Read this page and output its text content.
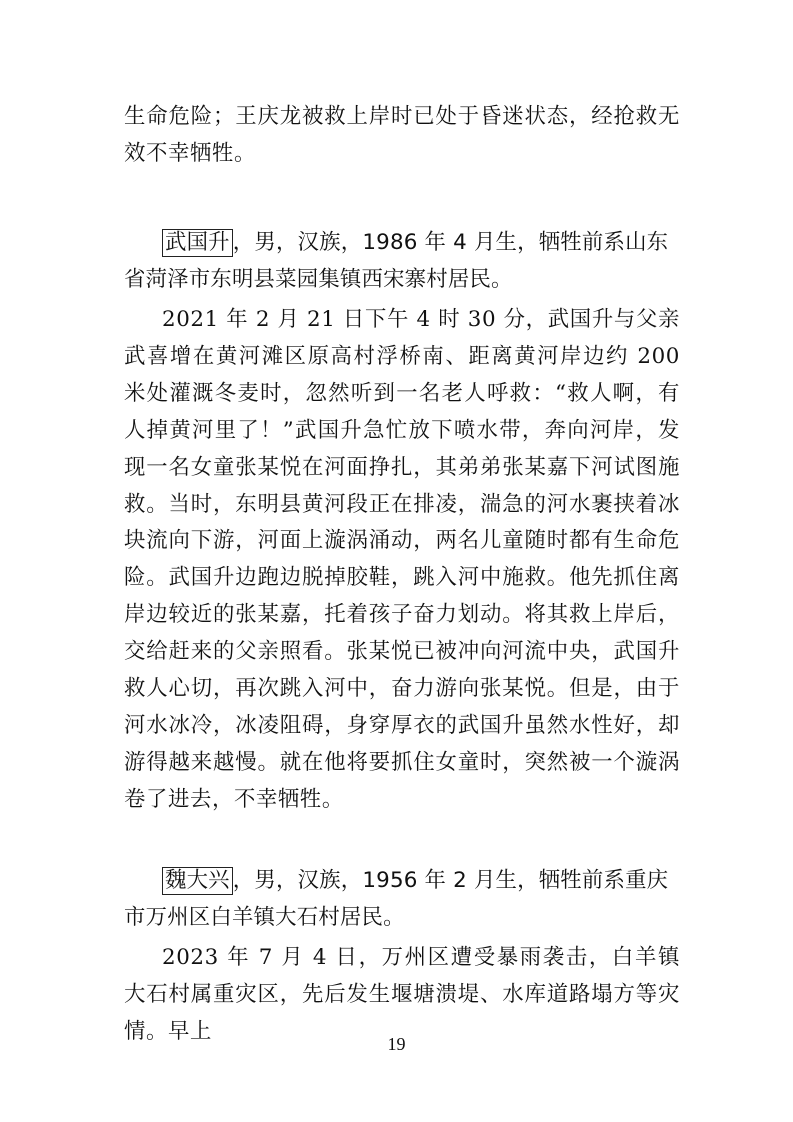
生命危险；王庆龙被救上岸时已处于昏迷状态，经抢救无效不幸牺牲。

武国升 ，男，汉族，1986 年 4 月生，牺牲前系山东省菏泽市东明县菜园集镇西宋寨村居民。

2021 年 2 月 21 日下午 4 时 30 分，武国升与父亲武喜增在黄河滩区原高村浮桥南、距离黄河岸边约 200 米处灌溉冬麦时，忽然听到一名老人呼救：“救人啊，有人掉黄河里了！”武国升急忙放下喷水带，奔向河岸，发现一名女童张某悦在河面挣扎，其弟弟张某嘉下河试图施救。当时，东明县黄河段正在排凌，湍急的河水裹挟着冰块流向下游，河面上漩涡涌动，两名儿童随时都有生命危险。武国升边跑边脱掉胶鞋，跳入河中施救。他先抓住离岸边较近的张某嘉，托着孩子奋力划动。将其救上岸后，交给赶来的父亲照看。张某悦已被冲向河流中央，武国升救人心切，再次跳入河中，奋力游向张某悦。但是，由于河水冰冷，冰凌阻碍，身穿厚衣的武国升虽然水性好，却游得越来越慢。就在他将要抓住女童时，突然被一个漩涡卷了进去，不幸牺牲。

魏大兴 ，男，汉族，1956 年 2 月生，牺牲前系重庆市万州区白羊镇大石村居民。

2023 年 7 月 4 日，万州区遭受暴雨袭击，白羊镇大石村属重灾区，先后发生堰塘溃堤、水库道路塌方等灾情。早上

19
